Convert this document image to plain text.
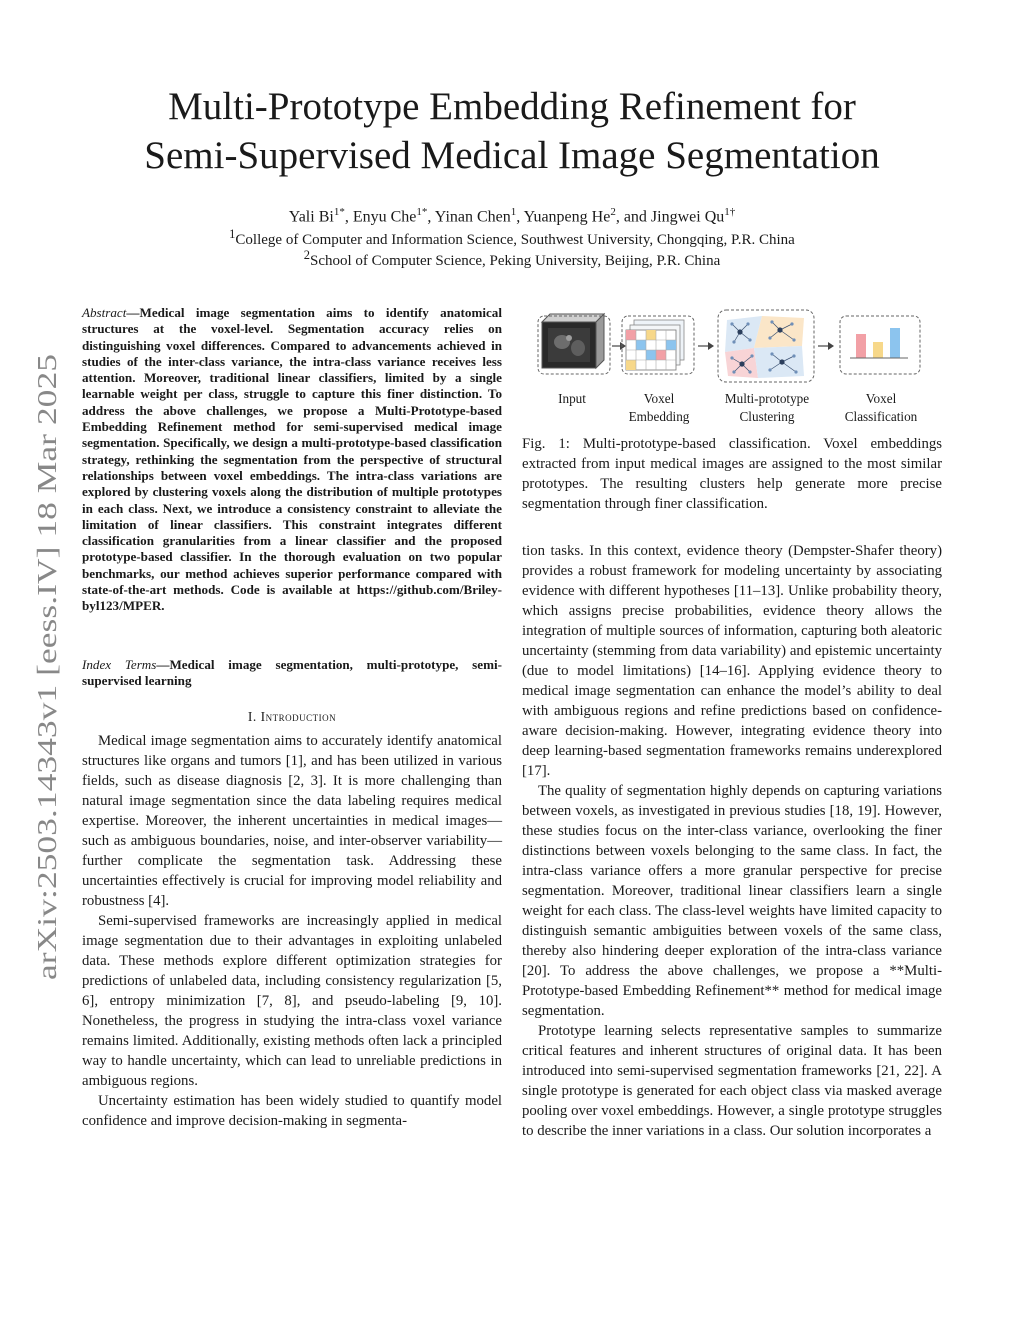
arXiv:2503.14343v1 [eess.IV] 18 Mar 2025
Multi-Prototype Embedding Refinement for
Semi-Supervised Medical Image Segmentation
Yali $Bi^{1*}$, Enyu Che$^{1*}$, Yinan Chen$^1$, Yuanpeng He$^2$, and Jingwei $Qu^{1\dagger}$
$^1$College of Computer and Information Science, Southwest University, Chongqing, P.R. China
$^2$School of Computer Science, Peking University, Beijing, P.R. China
Abstract—Medical image segmentation aims to identify anatomical structures at the voxel-level. Segmentation accuracy relies on distinguishing voxel differences. Compared to advancements achieved in studies of the inter-class variance, the intra-class variance receives less attention. Moreover, traditional linear classifiers, limited by a single learnable weight per class, struggle to capture this finer distinction. To address the above challenges, we propose a Multi-Prototype-based Embedding Refinement method for semi-supervised medical image segmentation. Specifically, we design a multi-prototype-based classification strategy, rethinking the segmentation from the perspective of structural relationships between voxel embeddings. The intra-class variations are explored by clustering voxels along the distribution of multiple prototypes in each class. Next, we introduce a consistency constraint to alleviate the limitation of linear classifiers. This constraint integrates different classification granularities from a linear classifier and the proposed prototype-based classifier. In the thorough evaluation on two popular benchmarks, our method achieves superior performance compared with state-of-the-art methods. Code is available at https://github.com/Briley-byl123/MPER.
Index Terms—Medical image segmentation, multi-prototype, semi-supervised learning
I. Introduction

Medical image segmentation aims to accurately identify anatomical structures like organs and tumors [1], and has been utilized in various fields, such as disease diagnosis [2, 3]. It is more challenging than natural image segmentation since the data labeling requires medical expertise. Moreover, the inherent uncertainties in medical images—such as ambiguous boundaries, noise, and inter-observer variability—further complicate the segmentation task. Addressing these uncertainties effectively is crucial for improving model reliability and robustness [4].

Semi-supervised frameworks are increasingly applied in medical image segmentation due to their advantages in exploiting unlabeled data. These methods explore different optimization strategies for predictions of unlabeled data, including consistency regularization [5, 6], entropy minimization [7, 8], and pseudo-labeling [9, 10]. Nonetheless, the progress in studying the intra-class voxel variance remains limited. Additionally, existing methods often lack a principled way to handle uncertainty, which can lead to unreliable predictions in ambiguous regions.

Uncertainty estimation has been widely studied to quantify model confidence and improve decision-making in segmenta-

Input	Voxel
Embedding
Multi-prototype
Clustering
Voxel
Classification
Fig. 1: Multi-prototype-based classification. Voxel embeddings extracted from input medical images are assigned to the most similar prototypes. The resulting clusters help generate more precise segmentation through finer classification.

tion tasks. In this context, evidence theory (Dempster-Shafer theory) provides a robust framework for modeling uncertainty by associating evidence with different hypotheses [11–13]. Unlike probability theory, which assigns precise probabilities, evidence theory allows the integration of multiple sources of information, capturing both aleatoric uncertainty (stemming from data variability) and epistemic uncertainty (due to model limitations) [14–16]. Applying evidence theory to medical image segmentation can enhance the model’s ability to deal with ambiguous regions and refine predictions based on confidence-aware decision-making. However, integrating evidence theory into deep learning-based segmentation frameworks remains underexplored [17].

The quality of segmentation highly depends on capturing variations between voxels, as investigated in previous studies [18, 19]. However, these studies focus on the inter-class variance, overlooking the finer distinctions between voxels belonging to the same class. In fact, the intra-class variance offers a more granular perspective for precise segmentation. Moreover, traditional linear classifiers learn a single weight for each class. The class-level weights have limited capacity to distinguish semantic ambiguities between voxels of the same class, thereby also hindering deeper exploration of the intra-class variance [20]. To address the above challenges, we propose a **Multi-Prototype-based Embedding Refinement** method for medical image segmentation.

Prototype learning selects representative samples to summarize critical features and inherent structures of original data. It has been introduced into semi-supervised segmentation frameworks [21, 22]. A single prototype is generated for each object class via masked average pooling over voxel embeddings. However, a single prototype struggles to describe the inner variations in a class. Our solution incorporates a
